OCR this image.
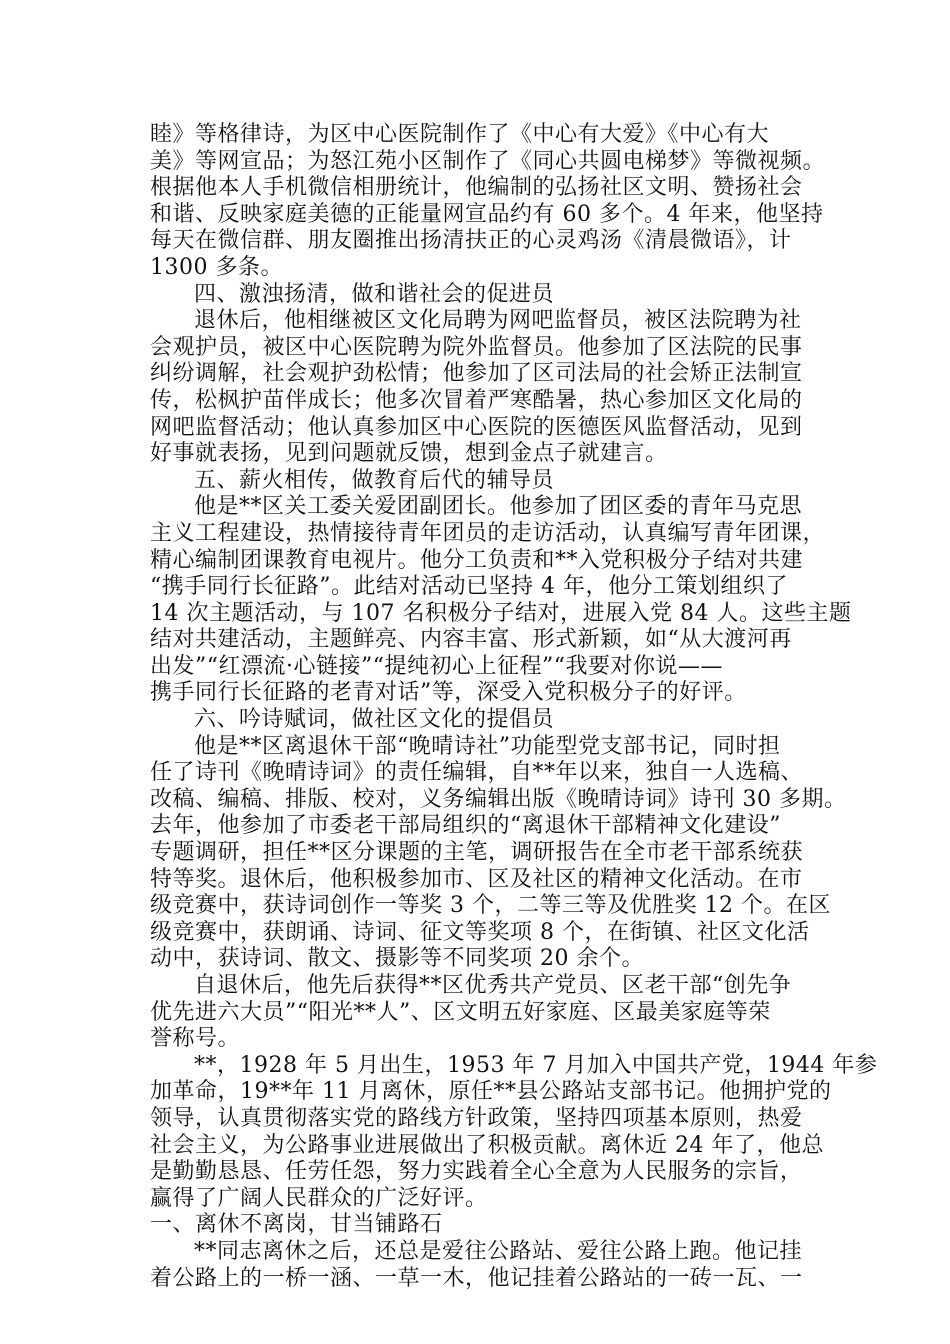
睦》等格律诗，为区中心医院制作了《中心有大爱》《中心有大
美》等网宣品；为怒江苑小区制作了《同心共圆电梯梦》等微视频。
根据他本人手机微信相册统计，他编制的弘扬社区文明、赞扬社会
和谐、反映家庭美德的正能量网宣品约有 60 多个。4 年来，他坚持
每天在微信群、朋友圈推出扬清扶正的心灵鸡汤《清晨微语》，计
1300 多条。
四、激浊扬清，做和谐社会的促进员
退休后，他相继被区文化局聘为网吧监督员，被区法院聘为社
会观护员，被区中心医院聘为院外监督员。他参加了区法院的民事
纠纷调解，社会观护劲松情；他参加了区司法局的社会矫正法制宣
传，松枫护苗伴成长；他多次冒着严寒酷暑，热心参加区文化局的
网吧监督活动；他认真参加区中心医院的医德医风监督活动，见到
好事就表扬，见到问题就反馈，想到金点子就建言。
五、薪火相传，做教育后代的辅导员
他是**区关工委关爱团副团长。他参加了团区委的青年马克思
主义工程建设，热情接待青年团员的走访活动，认真编写青年团课，
精心编制团课教育电视片。他分工负责和**入党积极分子结对共建
“携手同行长征路”。此结对活动已坚持 4 年，他分工策划组织了
14 次主题活动，与 107 名积极分子结对，进展入党 84 人。这些主题
结对共建活动，主题鲜亮、内容丰富、形式新颖，如“从大渡河再
出发”“红漂流·心链接”“提纯初心上征程”“我要对你说——
携手同行长征路的老青对话”等，深受入党积极分子的好评。
六、吟诗赋词，做社区文化的提倡员
他是**区离退休干部“晚晴诗社”功能型党支部书记，同时担
任了诗刊《晚晴诗词》的责任编辑，自**年以来，独自一人选稿、
改稿、编稿、排版、校对，义务编辑出版《晚晴诗词》诗刊 30 多期。
去年，他参加了市委老干部局组织的“离退休干部精神文化建设”
专题调研，担任**区分课题的主笔，调研报告在全市老干部系统获
特等奖。退休后，他积极参加市、区及社区的精神文化活动。在市
级竞赛中，获诗词创作一等奖 3 个，二等三等及优胜奖 12 个。在区
级竞赛中，获朗诵、诗词、征文等奖项 8 个，在街镇、社区文化活
动中，获诗词、散文、摄影等不同奖项 20 余个。
自退休后，他先后获得**区优秀共产党员、区老干部“创先争
优先进六大员”“阳光**人”、区文明五好家庭、区最美家庭等荣
誉称号。
**，1928 年 5 月出生，1953 年 7 月加入中国共产党，1944 年参
加革命，19**年 11 月离休，原任**县公路站支部书记。他拥护党的
领导，认真贯彻落实党的路线方针政策，坚持四项基本原则，热爱
社会主义，为公路事业进展做出了积极贡献。离休近 24 年了，他总
是勤勤恳恳、任劳任怨，努力实践着全心全意为人民服务的宗旨，
赢得了广阔人民群众的广泛好评。
一、离休不离岗，甘当铺路石
**同志离休之后，还总是爱往公路站、爱往公路上跑。他记挂
着公路上的一桥一涵、一草一木，他记挂着公路站的一砖一瓦、一
